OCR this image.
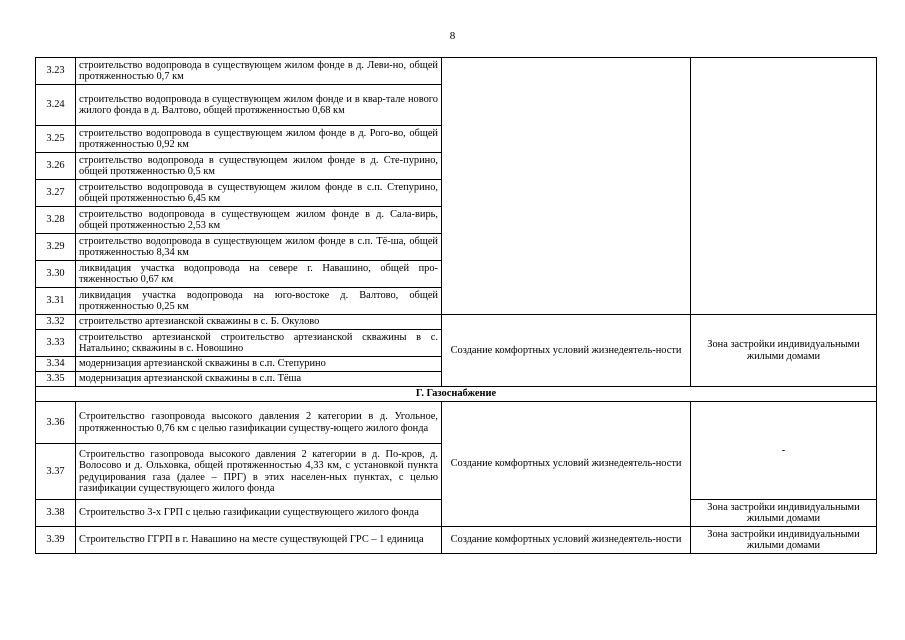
8
3.23	строительство водопровода в существующем жилом фонде в д. Леви-но, общей протяженностью 0,7 км		
3.24	строительство водопровода в существующем жилом фонде и в квар-тале нового жилого фонда в д. Валтово, общей протяженностью 0,68 км		
3.25	строительство водопровода в существующем жилом фонде в д. Рого-во, общей протяженностью 0,92 км		
3.26	строительство водопровода в существующем жилом фонде в д. Сте-пурино, общей протяженностью 0,5 км		
3.27	строительство водопровода в существующем жилом фонде в с.п. Степурино, общей протяженностью 6,45 км		
3.28	строительство водопровода в существующем жилом фонде в д. Сала-вирь, общей протяженностью 2,53 км		
3.29	строительство водопровода в существующем жилом фонде в с.п. Тё-ша, общей протяженностью 8,34 км		
3.30	ликвидация участка водопровода на севере г. Навашино, общей про-тяженностью 0,67 км		
3.31	ликвидация участка водопровода на юго-востоке д. Валтово, общей протяженностью 0,25 км		
3.32	строительство артезианской скважины в с. Б. Окулово	Создание комфортных условий жизнедеятель-ности	Зона застройки индивидуальными жилыми домами
3.33	строительство артезианской строительство артезианской скважины в с. Натальино; скважины в с. Новошино		
3.34	модернизация артезианской скважины в с.п. Степурино		
3.35	модернизация артезианской скважины в с.п. Тёша		
Г. Газоснабжение			
3.36	Строительство газопровода высокого давления 2 категории в д. Угольное, протяженностью 0,76 км с целью газификации существу-ющего жилого фонда	Создание комфортных условий жизнедеятель-ности	-
3.37	Строительство газопровода высокого давления 2 категории в д. По-кров, д. Волосово и д. Ольховка, общей протяженностью 4,33 км, с установкой пункта редуцирования газа (далее – ПРГ) в этих населен-ных пунктах, с целью газификации существующего жилого фонда		
3.38	Строительство 3-х ГРП с целью газификации существующего жилого фонда		Зона застройки индивидуальными жилыми домами
3.39	Строительство ГГРП в г. Навашино на месте существующей ГРС – 1 единица	Создание комфортных условий жизнедеятель-ности	Зона застройки индивидуальными жилыми домами
